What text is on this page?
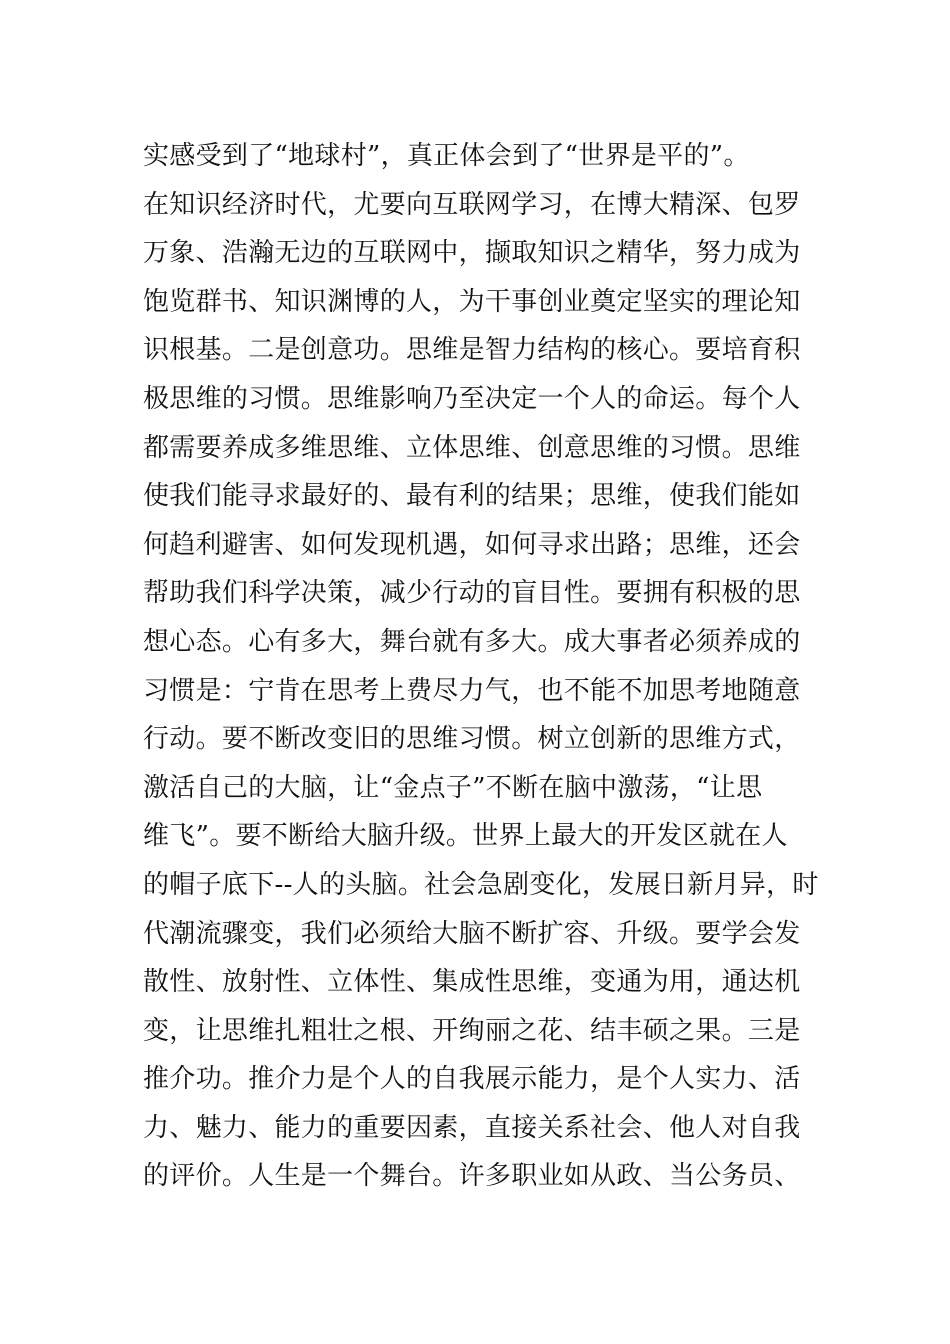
实感受到了“地球村”，真正体会到了“世界是平的”。
在知识经济时代，尤要向互联网学习，在博大精深、包罗
万象、浩瀚无边的互联网中，撷取知识之精华，努力成为
饱览群书、知识渊博的人，为干事创业奠定坚实的理论知
识根基。二是创意功。思维是智力结构的核心。要培育积
极思维的习惯。思维影响乃至决定一个人的命运。每个人
都需要养成多维思维、立体思维、创意思维的习惯。思维
使我们能寻求最好的、最有利的结果；思维，使我们能如
何趋利避害、如何发现机遇，如何寻求出路；思维，还会
帮助我们科学决策，减少行动的盲目性。要拥有积极的思
想心态。心有多大，舞台就有多大。成大事者必须养成的
习惯是：宁肯在思考上费尽力气，也不能不加思考地随意
行动。要不断改变旧的思维习惯。树立创新的思维方式，
激活自己的大脑，让“金点子”不断在脑中激荡，“让思
维飞”。要不断给大脑升级。世界上最大的开发区就在人
的帽子底下--人的头脑。社会急剧变化，发展日新月异，时
代潮流骤变，我们必须给大脑不断扩容、升级。要学会发
散性、放射性、立体性、集成性思维，变通为用，通达机
变，让思维扎粗壮之根、开绚丽之花、结丰硕之果。三是
推介功。推介力是个人的自我展示能力，是个人实力、活
力、魅力、能力的重要因素，直接关系社会、他人对自我
的评价。人生是一个舞台。许多职业如从政、当公务员、
